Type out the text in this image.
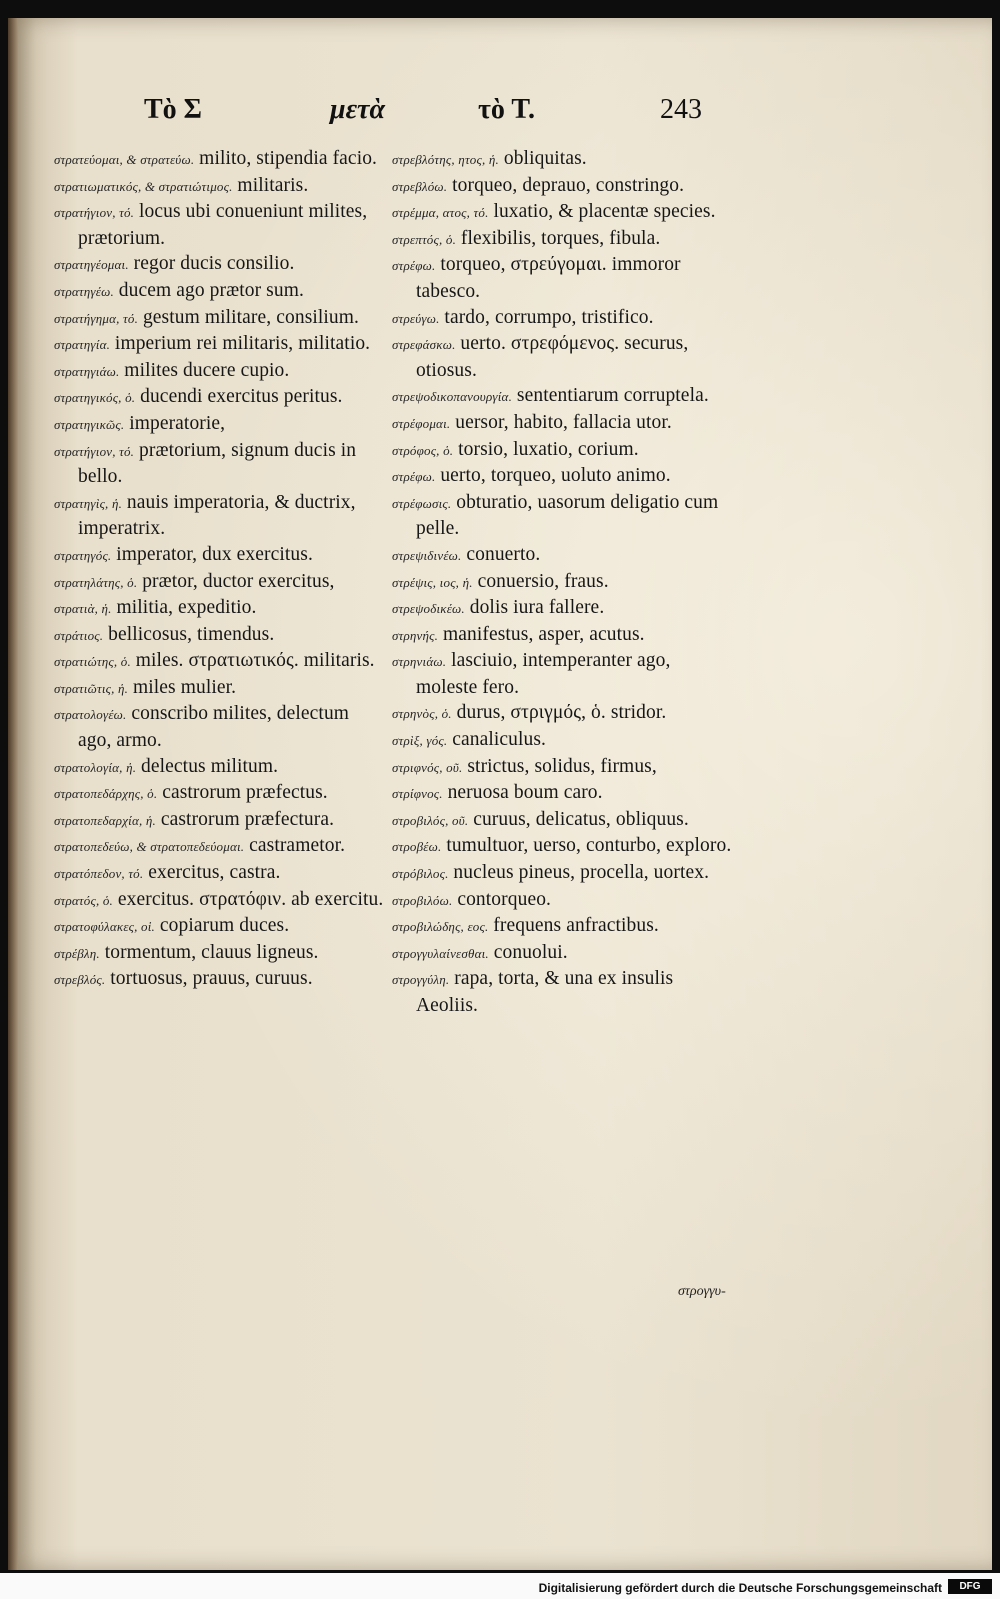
Τὸ Σ	μετὰ	τὸ Τ.	243

στρατεύομαι, & στρατεύω. milito, stipendia facio.

στρατιωματικός, & στρατιώτιμος. militaris.

στρατήγιον, τό. locus ubi conueniunt milites, prætorium.

στρατηγέομαι. regor ducis consilio.

στρατηγέω. ducem ago prætor sum.

στρατήγημα, τό. gestum militare, consilium.

στρατηγία. imperium rei militaris, militatio.

στρατηγιάω. milites ducere cupio.

στρατηγικός, ὁ. ducendi exercitus peritus.

στρατηγικῶς. imperatorie,

στρατήγιον, τό. prætorium, signum ducis in bello.

στρατηγὶς, ἡ. nauis imperatoria, & ductrix, imperatrix.

στρατηγός. imperator, dux exercitus.

στρατηλάτης, ὁ. prætor, ductor exercitus,

στρατιὰ, ἡ. militia, expeditio.

στράτιος. bellicosus, timendus.

στρατιώτης, ὁ. miles. στρατιωτικός. militaris.

στρατιῶτις, ἡ. miles mulier.

στρατολογέω. conscribo milites, delectum ago, armo.

στρατολογία, ἡ. delectus militum.

στρατοπεδάρχης, ὁ. castrorum præfectus.

στρατοπεδαρχία, ἡ. castrorum præfectura.

στρατοπεδεύω, & στρατοπεδεύομαι. castrametor.

στρατόπεδον, τό. exercitus, castra.

στρατός, ὁ. exercitus. στρατόφιν. ab exercitu.

στρατοφύλακες, οἱ. copiarum duces.

στρέβλη. tormentum, clauus ligneus.

στρεβλός. tortuosus, prauus, curuus.

στρεβλότης, ητος, ἡ. obliquitas.

στρεβλόω. torqueo, deprauo, constringo.

στρέμμα, ατος, τό. luxatio, & placentæ species.

στρεπτός, ὁ. flexibilis, torques, fibula.

στρέφω. torqueo, στρεύγομαι. immoror tabesco.

στρεύγω. tardo, corrumpo, tristifico.

στρεφάσκω. uerto. στρεφόμενος. securus, otiosus.

στρεψοδικοπανουργία. sententiarum corruptela.

στρέφομαι. uersor, habito, fallacia utor.

στρόφος, ὁ. torsio, luxatio, corium.

στρέφω. uerto, torqueo, uoluto animo.

στρέφωσις. obturatio, uasorum deligatio cum pelle.

στρεψιδινέω. conuerto.

στρέψις, ιος, ἡ. conuersio, fraus.

στρεψοδικέω. dolis iura fallere.

στρηνής. manifestus, asper, acutus.

στρηνιάω. lasciuio, intemperanter ago, moleste fero.

στρηνὸς, ὁ. durus, στριγμός, ὁ. stridor.

στρὶξ, γός. canaliculus.

στριφνός, οῦ. strictus, solidus, firmus,

στρίφνος. neruosa boum caro.

στροβιλός, οῦ. curuus, delicatus, obliquus.

στροβέω. tumultuor, uerso, conturbo, exploro.

στρόβιλος. nucleus pineus, procella, uortex.

στροβιλόω. contorqueo.

στροβιλώδης, εος. frequens anfractibus.

στρογγυλαίνεσθαι. conuolui.

στρογγύλη. rapa, torta, & una ex insulis Aeoliis.

στρογγυ-
Digitalisierung gefördert durch die Deutsche Forschungsgemeinschaft	DFG
